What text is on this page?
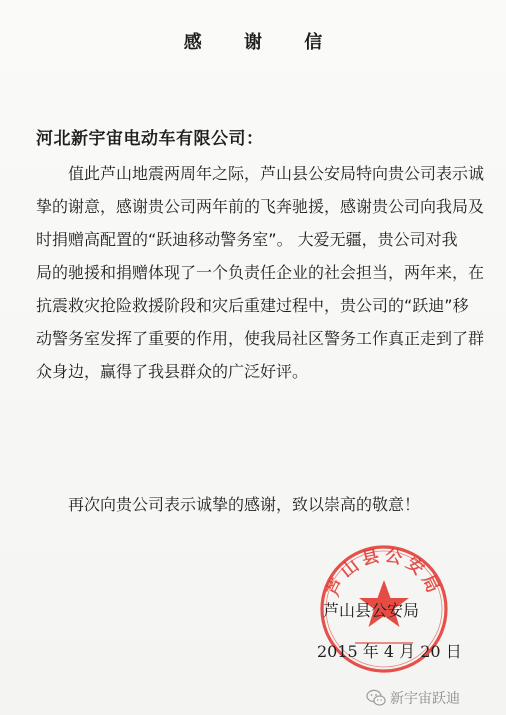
感 谢 信
河北新宇宙电动车有限公司：
值此芦山地震两周年之际，芦山县公安局特向贵公司表示诚
挚的谢意，感谢贵公司两年前的飞奔驰援，感谢贵公司向我局及
时捐赠高配置的“跃迪移动警务室”。 大爱无疆，贵公司对我
局的驰援和捐赠体现了一个负责任企业的社会担当，两年来，在
抗震救灾抢险救援阶段和灾后重建过程中，贵公司的“跃迪”移
动警务室发挥了重要的作用，使我局社区警务工作真正走到了群
众身边，赢得了我县群众的广泛好评。
再次向贵公司表示诚挚的感谢，致以崇高的敬意！
芦山县公安局
芦山县公安局
2015 年 4 月 20 日
新宇宙跃迪
